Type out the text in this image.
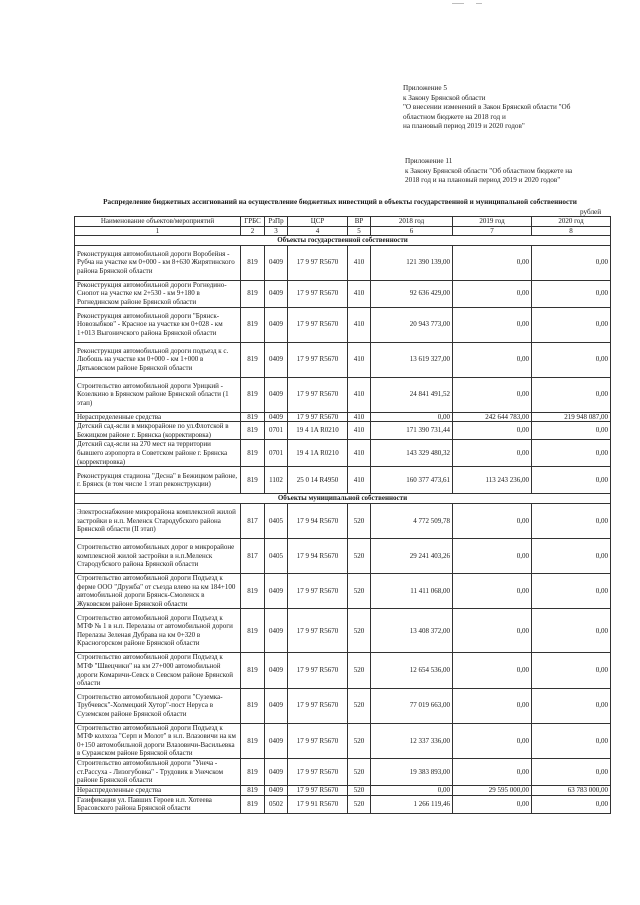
Приложение 5
к Закону Брянской области
"О внесении изменений в Закон Брянской области "Об
областном бюджете на 2018 год и
на плановый период 2019 и 2020 годов"
Приложение 11
к Закону Брянской области "Об областном бюджете на
2018 год и на плановый период 2019 и 2020 годов"
Распределение бюджетных ассигнований на осуществление бюджетных инвестиций в объекты государственной и муниципальной собственности
рублей
Наименование объектов/мероприятий	ГРБС	РзПр	ЦСР	ВР	2018 год	2019 год	2020 год
1	2	3	4	5	6	7	8
Объекты государственной собственности							
Реконструкция автомобильной дороги Воробейня - Рубча на участке км 0+000 - км 8+630 Жирятинского района Брянской области	819	0409	17 9 97 R5670	410	121 390 139,00	0,00	0,00
Реконструкция автомобильной дороги Рогнедино-Снопот на участке км 2+530 - км 9+180 в Рогнединском районе Брянской области	819	0409	17 9 97 R5670	410	92 636 429,00	0,00	0,00
Реконструкция автомобильной дороги "Брянск-Новозыбков" - Красное на участке км 0+028 - км 1+013 Выгоничского района Брянской области	819	0409	17 9 97 R5670	410	20 943 773,00	0,00	0,00
Реконструкция автомобильной дороги подъезд к с. Любошь на участке км 0+000 - км 1+000 в Дятьковском районе Брянской области	819	0409	17 9 97 R5670	410	13 619 327,00	0,00	0,00
Строительство автомобильной дороги Урицкий - Козелкино в Брянском районе Брянской области (1 этап)	819	0409	17 9 97 R5670	410	24 841 491,52	0,00	0,00
Нераспределенные средства	819	0409	17 9 97 R5670	410	0,00	242 644 783,00	219 948 087,00
Детский сад-ясли в микрорайоне по ул.Флотской в Бежицком районе г. Брянска (корректировка)	819	0701	19 4 1A R0210	410	171 390 731,44	0,00	0,00
Детский сад-ясли на 270 мест на территории бывшего аэропорта в Советском районе г. Брянска (корректировка)	819	0701	19 4 1A R0210	410	143 329 480,32	0,00	0,00
Реконструкция стадиона "Десна" в Бежицком районе, г. Брянск (в том числе 1 этап реконструкции)	819	1102	25 0 14 R4950	410	160 377 473,61	113 243 236,00	0,00
Объекты муниципальной собственности							
Электроснабжение микрорайона комплексной жилой застройки в н.п. Меленск Стародубского района Брянской области (II этап)	817	0405	17 9 94 R5670	520	4 772 509,78	0,00	0,00
Строительство автомобильных дорог в микрорайоне комплексной жилой застройки в н.п.Меленск Стародубского района Брянской области	817	0405	17 9 94 R5670	520	29 241 403,26	0,00	0,00
Строительство автомобильной дороги Подъезд к ферме ООО "Дружба" от съезда влево на км 184+100 автомобильной дороги Брянск-Смоленск в Жуковском районе Брянской области	819	0409	17 9 97 R5670	520	11 411 068,00	0,00	0,00
Строительство автомобильной дороги Подъезд к МТФ № 1 в н.п. Перелазы от автомобильной дороги Перелазы Зеленая Дубрава на км 0+320 в Красногорском районе Брянской области	819	0409	17 9 97 R5670	520	13 408 372,00	0,00	0,00
Строительство автомобильной дороги Подъезд к МТФ "Швецчики" на км 27+000 автомобильной дороги Комаричи-Севск в Севском районе Брянской области	819	0409	17 9 97 R5670	520	12 654 536,00	0,00	0,00
Строительство автомобильной дороги "Суземка-Трубчевск"-Холмецкий Хутор"-пост Неруса в Суземском районе Брянской области	819	0409	17 9 97 R5670	520	77 019 663,00	0,00	0,00
Строительство автомобильной дороги Подъезд к МТФ колхоза "Серп и Молот" в н.п. Влазовичи на км 0+150 автомобильной дороги Влазовичи-Васильевка в Суражском районе Брянской области	819	0409	17 9 97 R5670	520	12 337 336,00	0,00	0,00
Строительство автомобильной дороги "Унеча - ст.Рассуха - Лизогубовка" - Трудовик в Унечском районе Брянской области	819	0409	17 9 97 R5670	520	19 383 893,00	0,00	0,00
Нераспределенные средства	819	0409	17 9 97 R5670	520	0,00	29 595 000,00	63 783 000,00
Газификация ул. Павших Героев н.п. Хотеева Брасовского района Брянской области	819	0502	17 9 91 R5670	520	1 266 119,46	0,00	0,00
